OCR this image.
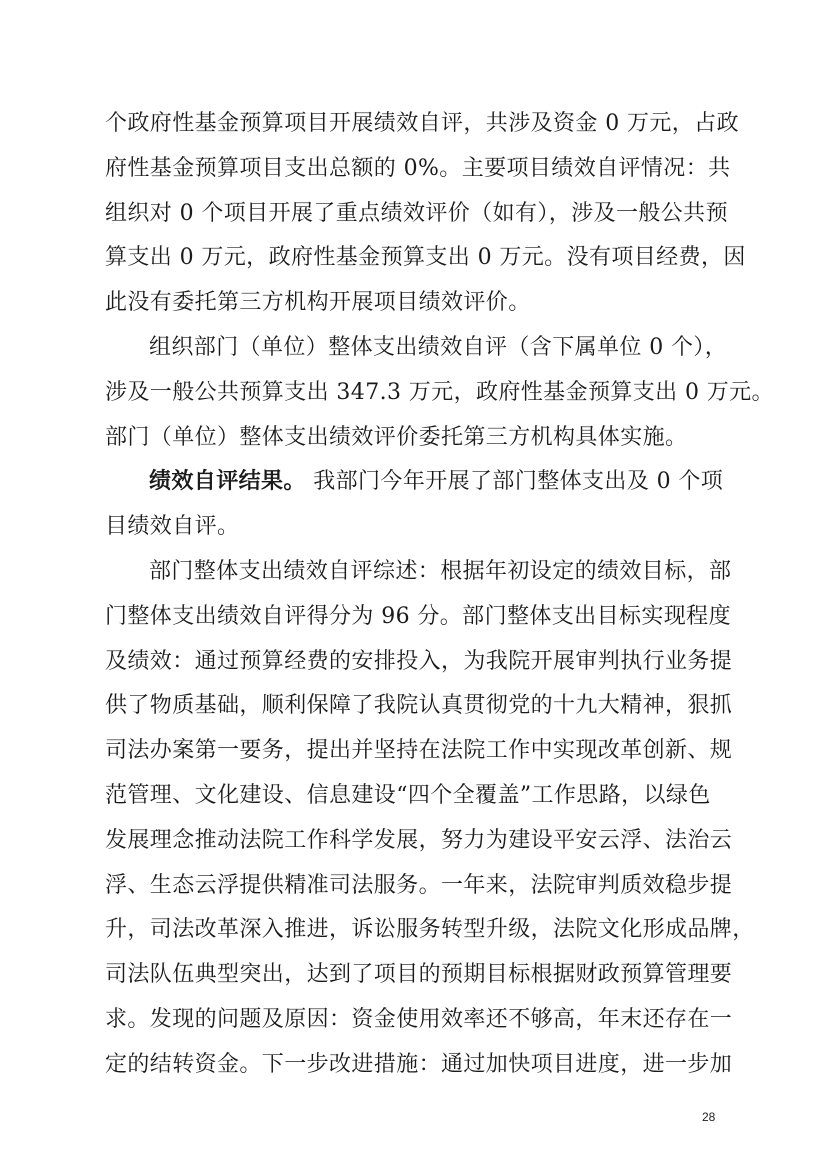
个政府性基金预算项目开展绩效自评，共涉及资金 0 万元，占政
府性基金预算项目支出总额的 0%。主要项目绩效自评情况：共
组织对 0 个项目开展了重点绩效评价（如有），涉及一般公共预
算支出 0 万元，政府性基金预算支出 0 万元。没有项目经费，因
此没有委托第三方机构开展项目绩效评价。
组织部门（单位）整体支出绩效自评（含下属单位 0 个），
涉及一般公共预算支出 347.3 万元，政府性基金预算支出 0 万元。
部门（单位）整体支出绩效评价委托第三方机构具体实施。
绩效自评结果。 我部门今年开展了部门整体支出及 0 个项
目绩效自评。
部门整体支出绩效自评综述：根据年初设定的绩效目标，部
门整体支出绩效自评得分为 96 分。部门整体支出目标实现程度
及绩效：通过预算经费的安排投入，为我院开展审判执行业务提
供了物质基础，顺利保障了我院认真贯彻党的十九大精神，狠抓
司法办案第一要务，提出并坚持在法院工作中实现改革创新、规
范管理、文化建设、信息建设“四个全覆盖”工作思路，以绿色
发展理念推动法院工作科学发展，努力为建设平安云浮、法治云
浮、生态云浮提供精准司法服务。一年来，法院审判质效稳步提
升，司法改革深入推进，诉讼服务转型升级，法院文化形成品牌，
司法队伍典型突出，达到了项目的预期目标根据财政预算管理要
求。发现的问题及原因：资金使用效率还不够高，年末还存在一
定的结转资金。下一步改进措施：通过加快项目进度，进一步加
28
